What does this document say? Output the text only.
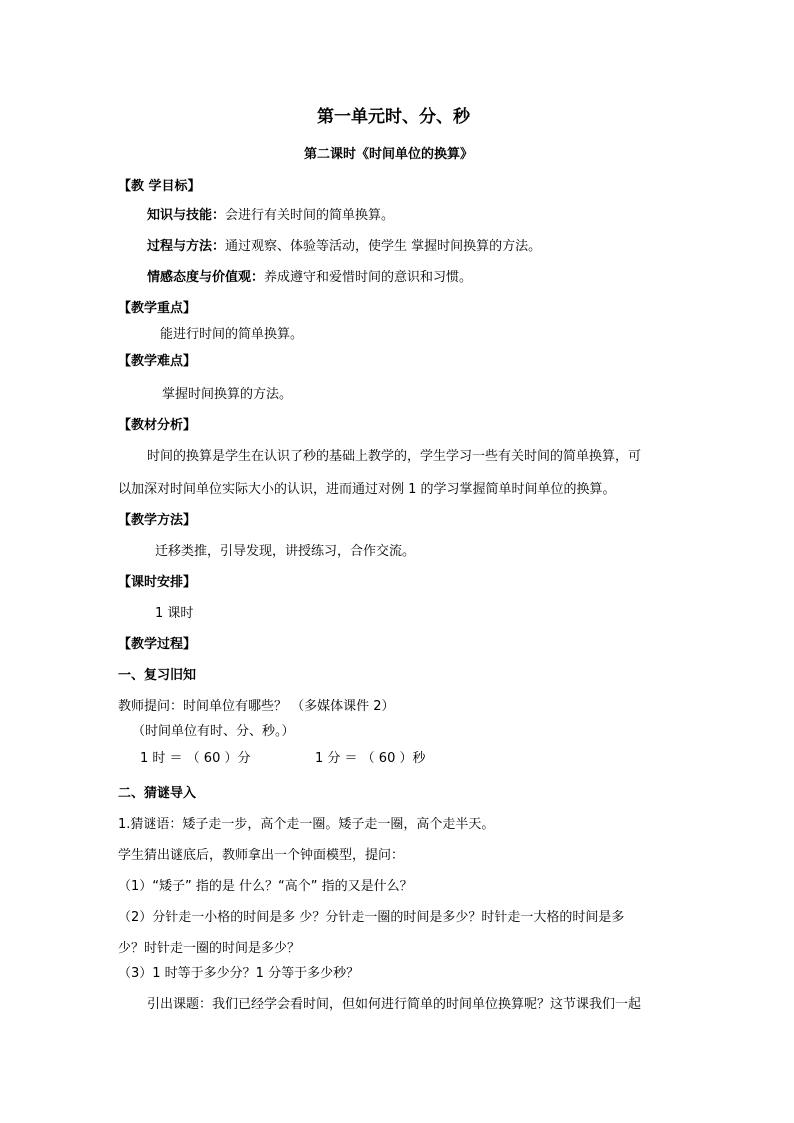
第一单元时、分、秒
第二课时《时间单位的换算》
【教 学目标】
知识与技能：会进行有关时间的简单换算。
过程与方法：通过观察、体验等活动，使学生 掌握时间换算的方法。
情感态度与价值观：养成遵守和爱惜时间的意识和习惯。
【教学重点】
能进行时间的简单换算。
【教学难点】
掌握时间换算的方法。
【教材分析】
时间的换算是学生在认识了秒的基础上教学的，学生学习一些有关时间的简单换算，可
以加深对时间单位实际大小的认识，进而通过对例 1 的学习掌握简单时间单位的换算。
【教学方法】
迁移类推，引导发现，讲授练习，合作交流。
【课时安排】
1 课时
【教学过程】
一、复习旧知
教师提问：时间单位有哪些？ （多媒体课件 2）
（时间单位有时、分、秒。）
1 时 ＝ （ 60 ）分	1 分 ＝ （ 60 ）秒
二、猜谜导入
1.猜谜语：矮子走一步，高个走一圈。矮子走一圈，高个走半天。
学生猜出谜底后，教师拿出一个钟面模型，提问：
（1）“矮子” 指的是 什么？“高个” 指的又是什么？
（2）分针走一小格的时间是多 少？分针走一圈的时间是多少？时针走一大格的时间是多
少？时针走一圈的时间是多少？
（3）1 时等于多少分？1 分等于多少秒？
引出课题：我们已经学会看时间，但如何进行简单的时间单位换算呢？这节课我们一起
